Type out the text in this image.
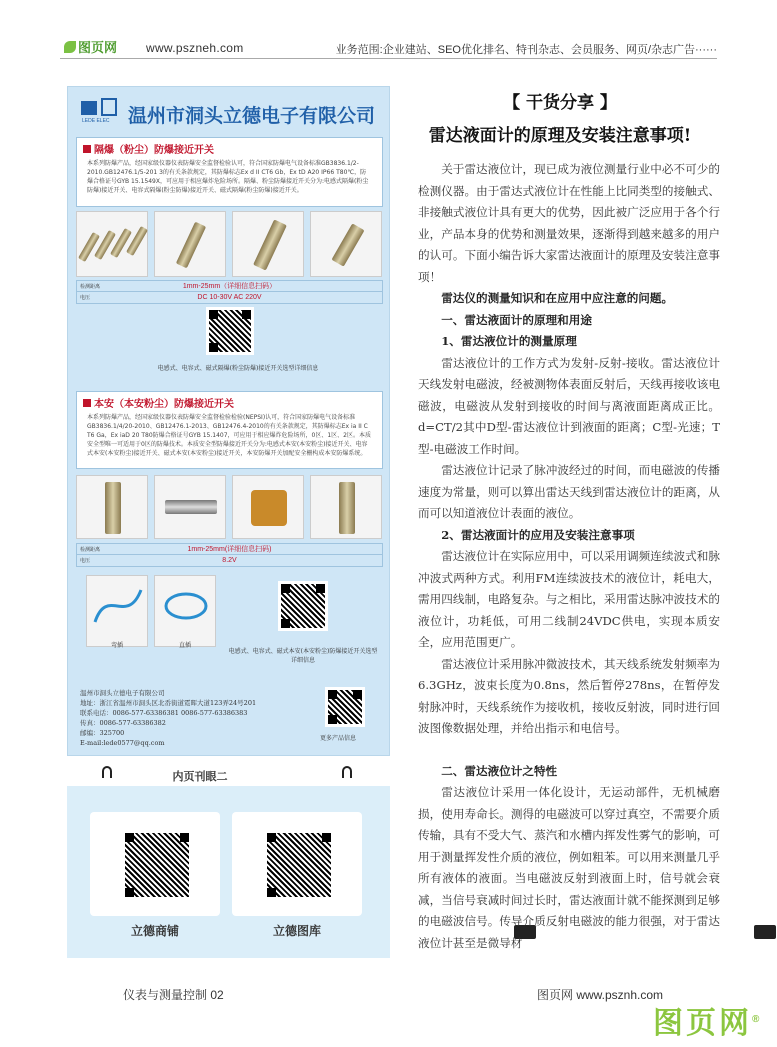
图页网 www.pszneh.com	业务范围:企业建站、SEO优化排名、特刊杂志、会员服务、网页/杂志广告······
LEDE ELEC 温州市洞头立德电子有限公司
隔爆（粉尘）防爆接近开关
本系列防爆产品，经国家级仪器仪表防爆安全监督检验认可，符合国家防爆电气设备标准GB3836.1/2-2010.GB12476.1/5-201 3的有关条款规定，其防爆标志Ex d II CT6 Gb，Ex tD A20 IP66 T80℃，防爆合格证号GYB 15.1549X，可应用于相应爆炸危险场所。隔爆、粉尘防爆接近开关分为:电感式隔爆(粉尘防爆)接近开关、电容式隔爆(粉尘防爆)接近开关、磁式隔爆(粉尘防爆)接近开关。
检测距离	1mm-25mm（详细信息扫码）
电压	DC 10-30V AC 220V
电感式、电容式、磁式隔爆(粉尘防爆)接近开关选型详细信息
本安（本安粉尘）防爆接近开关
本系列防爆产品，经国家级仪器仪表防爆安全监督检验检验(NEPSI)认可，符合国家防爆电气设备标准GB3836.1/4/20-2010、GB12476.1-2013、GB12476.4-2010的有关条款规定，其防爆标志Ex ia II C T6 Ga，Ex iaD 20 T80防爆合格证号GYB 15.1407，可应用于相应爆炸危险场所，0区、1区、2区。本质安全型唯一可适用于0区的防爆技术。本质安全型防爆接近开关分为:电感式本安(本安粉尘)接近开关、电容式本安(本安粉尘)接近开关、磁式本安(本安粉尘)接近开关，本安防爆开关加配安全栅构成本安防爆系统。
检测距离	1mm-25mm(详细信息扫码)
电压	8.2V
弯插	直插
电感式、电容式、磁式本安(本安粉尘)防爆接近开关选型详细信息
温州市洞头立德电子有限公司
地址：浙江省温州市洞头区北岙街道霓晖大道123弄24号201
联系电话：0086-577-63386381 0086-577-63386383
传真：0086-577-63386382
邮编：325700
E-mail:lede0577@qq.com
更多产品信息
内页刊眼二
立德商铺	立德图库
【 干货分享 】
雷达液面计的原理及安装注意事项!

关于雷达液位计，现已成为液位测量行业中必不可少的检测仪器。由于雷达式液位计在性能上比同类型的接触式、非接触式液位计具有更大的优势，因此被广泛应用于各个行业，产品本身的优势和测量效果，逐渐得到越来越多的用户的认可。下面小编告诉大家雷达液面计的原理及安装注意事项！

雷达仪的测量知识和在应用中应注意的问题。

一、雷达液面计的原理和用途

1、雷达液位计的测量原理

雷达液位计的工作方式为发射-反射-接收。雷达液位计天线发射电磁波，经被测物体表面反射后，天线再接收该电磁波，电磁波从发射到接收的时间与离液面距离成正比。d=CT/2其中D型-雷达液位计到液面的距离；C型-光速；T型-电磁波工作时间。

雷达液位计记录了脉冲波经过的时间，而电磁波的传播速度为常量，则可以算出雷达天线到雷达液位计的距离，从而可以知道液位计表面的液位。

2、雷达液面计的应用及安装注意事项

雷达液位计在实际应用中，可以采用调频连续波式和脉冲波式两种方式。利用FM连续波技术的液位计，耗电大，需用四线制，电路复杂。与之相比，采用雷达脉冲波技术的液位计，功耗低，可用二线制24VDC供电，实现本质安全，应用范围更广。

雷达液位计采用脉冲微波技术，其天线系统发射频率为6.3GHz，波束长度为0.8ns，然后暂停278ns，在暂停发射脉冲时，天线系统作为接收机，接收反射波，同时进行回波图像数据处理，并给出指示和电信号。

二、雷达液位计之特性

雷达液位计采用一体化设计，无运动部件，无机械磨损，使用寿命长。测得的电磁波可以穿过真空，不需要介质传输，具有不受大气、蒸汽和水槽内挥发性雾气的影响，可用于测量挥发性介质的液位，例如粗苯。可以用来测量几乎所有液体的液面。当电磁波反射到液面上时，信号就会衰减，当信号衰减时间过长时，雷达液面计就不能探测到足够的电磁波信号。传导介质反射电磁波的能力很强，对于雷达液位计甚至是微导材

仪表与测量控制 02	图页网 www.psznh.com
图页网®
